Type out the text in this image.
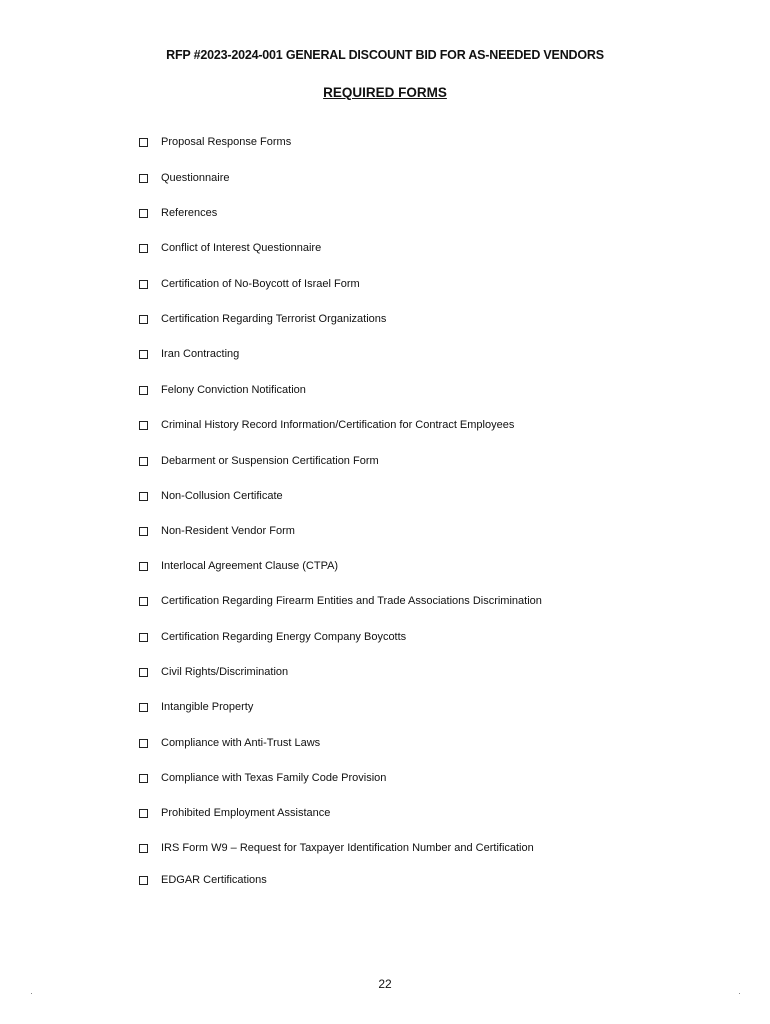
RFP #2023-2024-001 GENERAL DISCOUNT BID FOR AS-NEEDED VENDORS
REQUIRED FORMS
Proposal Response Forms
Questionnaire
References
Conflict of Interest Questionnaire
Certification of No-Boycott of Israel Form
Certification Regarding Terrorist Organizations
Iran Contracting
Felony Conviction Notification
Criminal History Record Information/Certification for Contract Employees
Debarment or Suspension Certification Form
Non-Collusion Certificate
Non-Resident Vendor Form
Interlocal Agreement Clause (CTPA)
Certification Regarding Firearm Entities and Trade Associations Discrimination
Certification Regarding Energy Company Boycotts
Civil Rights/Discrimination
Intangible Property
Compliance with Anti-Trust Laws
Compliance with Texas Family Code Provision
Prohibited Employment Assistance
IRS Form W9 – Request for Taxpayer Identification Number and Certification
EDGAR Certifications
22
